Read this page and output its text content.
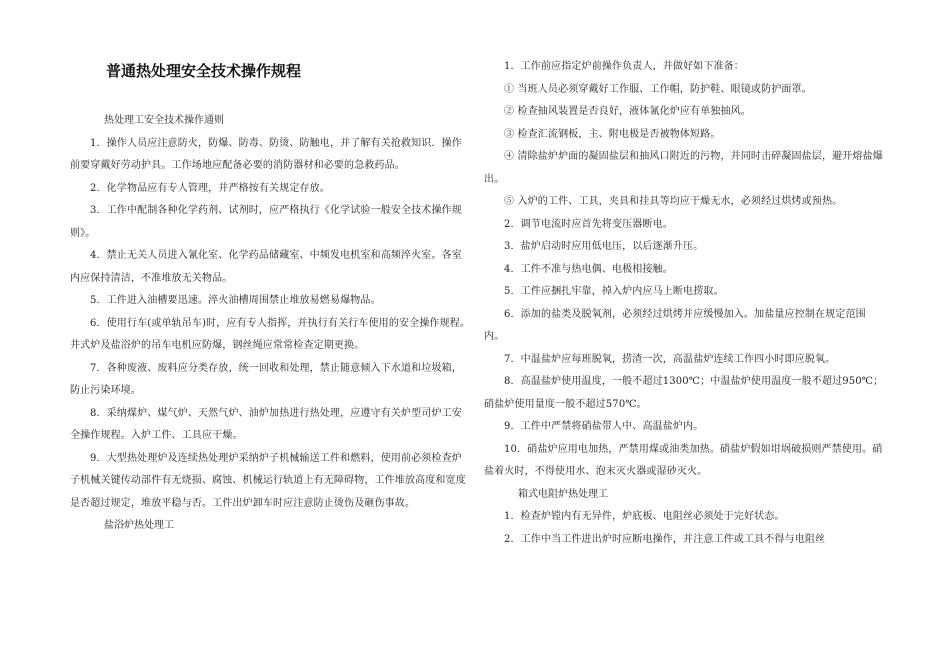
普通热处理安全技术操作规程

热处理工安全技术操作通则

1．操作人员应注意防火，防爆、防毒、防烫、防触电，并了解有关抢救知识．操作前要穿戴好劳动护具。工作场地应配备必要的消防器材和必要的急救药品。

2．化学物品应有专人管理，并严格按有关规定存放。

3．工作中配制各种化学药剂、试剂时，应严格执行《化学试验一般安全技术操作规则》。

4．禁止无关人员进入氰化室、化学药品储藏室、中频发电机室和高频淬火室。各室内应保持清洁，不准堆放无关物品。

5．工件进入油槽要迅速。淬火油槽周围禁止堆放易燃易爆物品。

6．使用行车(或单轨吊车)时，应有专人指挥，并执行有关行车使用的安全操作规程。井式炉及盐浴炉的吊车电机应防爆，钢丝绳应常常检查定期更换。

7．各种废液、废料应分类存放，统一回收和处理，禁止随意倾入下水道和垃圾箱，防止污染环境。

8．采纳煤炉、煤气炉、天然气炉、油炉加热进行热处理，应遵守有关炉型司炉工安全操作规程。入炉工件、工具应干燥。

9．大型热处理炉及连续热处理炉采纳炉子机械输送工件和燃料，使用前必须检查炉子机械关键传动部件有无烧损、腐蚀、机械运行轨道上有无障碍物，工件堆放高度和宽度是否超过规定，堆放平稳与否。工件出炉卸车时应注意防止烫伤及砸伤事故。

盐浴炉热处理工

1．工作前应指定炉前操作负责人，并做好如下准备：

① 当班人员必须穿戴好工作服、工作帽，防护鞋、眼镜或防护面罩。

② 检查抽风装置是否良好，液体氰化炉应有单独抽风。

③ 检查汇流钢板，主、附电极是否被物体短路。

④ 清除盐炉炉面的凝固盐层和抽风口附近的污物，并同时击碎凝固盐层，避开熔盐爆出。

⑤ 入炉的工件、工具，夹具和挂具等均应干燥无水，必须经过烘烤或预热。

2．调节电流时应首先将变压器断电。

3．盐炉启动时应用低电压，以后逐渐升压。

4．工件不准与热电偶、电极相接触。

5．工件应捆扎牢靠，掉入炉内应马上断电捞取。

6．添加的盐类及脱氧剂，必须经过烘烤并应缓慢加入。加盐量应控制在规定范围内。

7．中温盐炉应每班脱氧，捞渣一次，高温盐炉连续工作四小时即应脱氧。

8．高温盐炉使用温度，一般不超过1300℃；中温盐炉使用温度一般不超过950℃；硝盐炉使用量度一般不超过570℃。

9．工件中严禁将硝盐带人中、高温盐炉内。

10．硝盐炉应用电加热，严禁用煤或油类加热。硝盐炉假如坩埚破损则严禁使用。硝盐着火时，不得使用水、泡末灭火器或湿砂灭火。

箱式电阻炉热处理工

1．检查炉镗内有无异件，炉底板、电阻丝必须处于完好状态。

2．工作中当工件进出炉时应断电操作，并注意工件或工具不得与电阻丝
